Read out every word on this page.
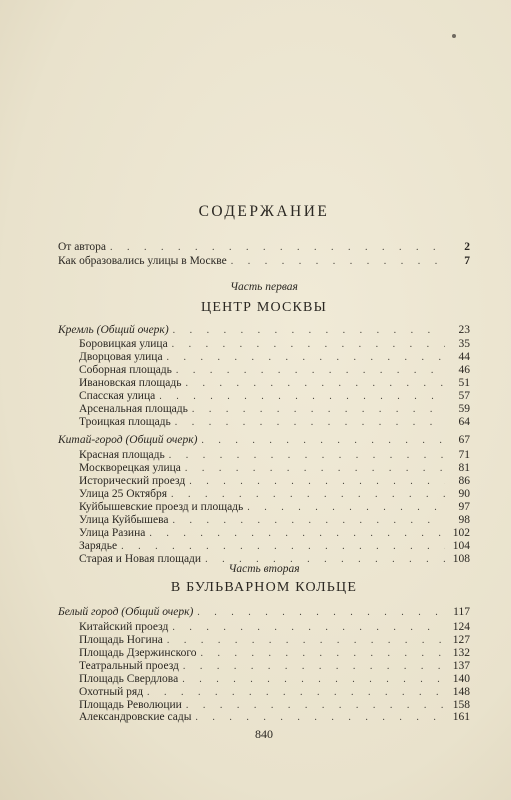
СОДЕРЖАНИЕ
От автора . . .	2
Как образовались улицы в Москве . . .	7
Часть первая
ЦЕНТР МОСКВЫ
Кремль (Общий очерк) . . .	23
Боровицкая улица . . .	35
Дворцовая улица . . .	44
Соборная площадь . . .	46
Ивановская площадь . . .	51
Спасская улица . . .	57
Арсенальная площадь . . .	59
Троицкая площадь . . .	64
Китай-город (Общий очерк) . . .	67
Красная площадь . . .	71
Москворецкая улица . . .	81
Исторический проезд . . .	86
Улица 25 Октября . . .	90
Куйбышевские проезд и площадь . . .	97
Улица Куйбышева . . .	98
Улица Разина . . .	102
Зарядье . . .	104
Старая и Новая площади . . .	108
Часть вторая
В БУЛЬВАРНОМ КОЛЬЦЕ
Белый город (Общий очерк) . . .	117
Китайский проезд . . .	124
Площадь Ногина . . .	127
Площадь Дзержинского . . .	132
Театральный проезд . . .	137
Площадь Свердлова . . .	140
Охотный ряд . . .	148
Площадь Революции . . .	158
Александровские сады . . .	161
840
